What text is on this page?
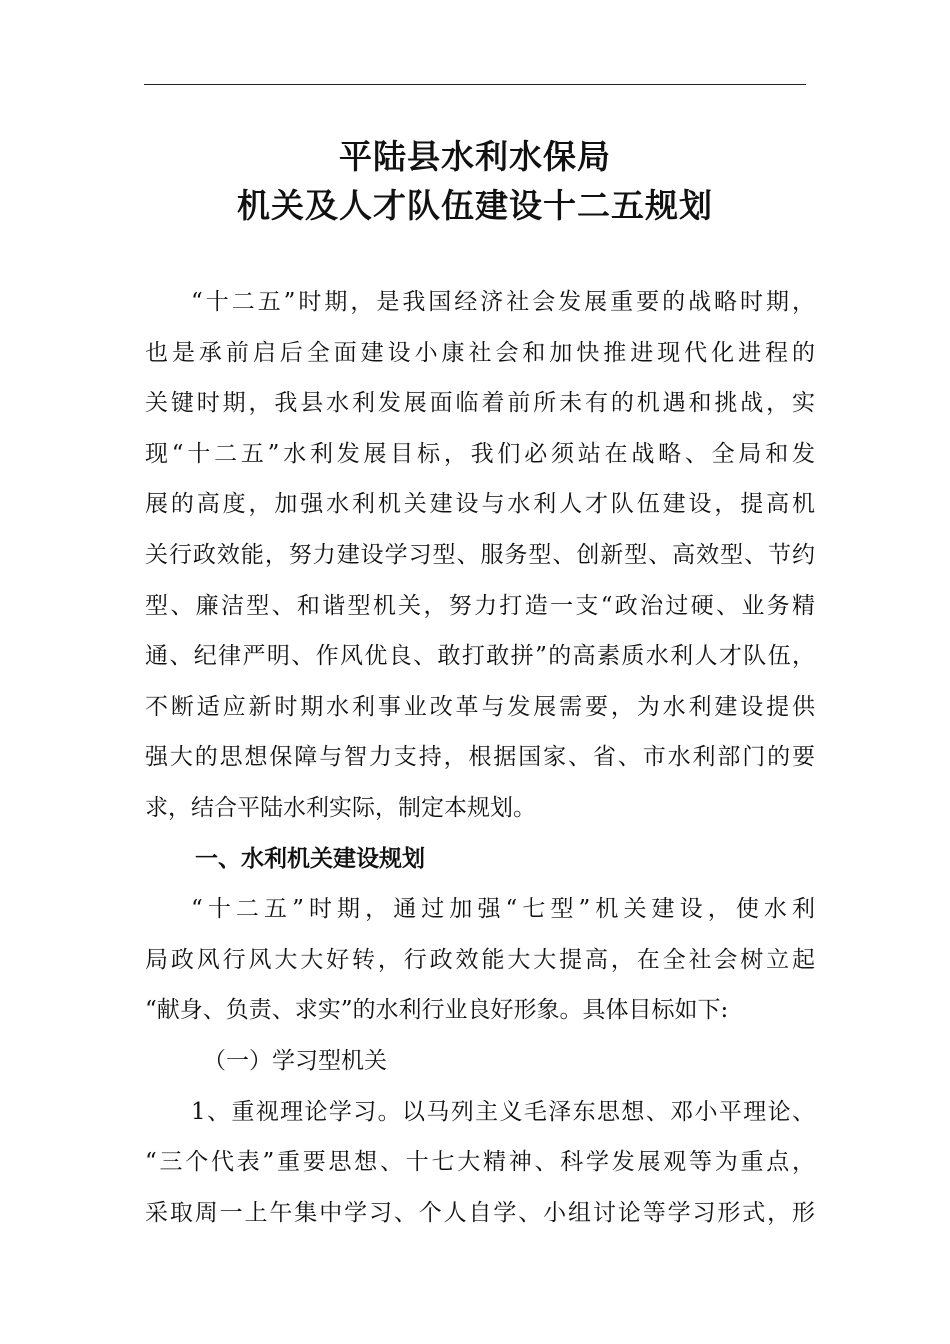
平陆县水利水保局
机关及人才队伍建设十二五规划
“十二五”时期，是我国经济社会发展重要的战略时期，
也是承前启后全面建设小康社会和加快推进现代化进程的
关键时期，我县水利发展面临着前所未有的机遇和挑战，实
现“十二五”水利发展目标，我们必须站在战略、全局和发
展的高度，加强水利机关建设与水利人才队伍建设，提高机
关行政效能，努力建设学习型、服务型、创新型、高效型、节约
型、廉洁型、和谐型机关，努力打造一支“政治过硬、业务精
通、纪律严明、作风优良、敢打敢拼”的高素质水利人才队伍，
不断适应新时期水利事业改革与发展需要，为水利建设提供
强大的思想保障与智力支持，根据国家、省、市水利部门的要
求，结合平陆水利实际，制定本规划。
一、水利机关建设规划
“十二五”时期，通过加强“七型”机关建设，使水利
局政风行风大大好转，行政效能大大提高，在全社会树立起
“献身、负责、求实”的水利行业良好形象。具体目标如下:
（一）学习型机关
1、重视理论学习。以马列主义毛泽东思想、邓小平理论、
“三个代表”重要思想、十七大精神、科学发展观等为重点，
采取周一上午集中学习、个人自学、小组讨论等学习形式，形
